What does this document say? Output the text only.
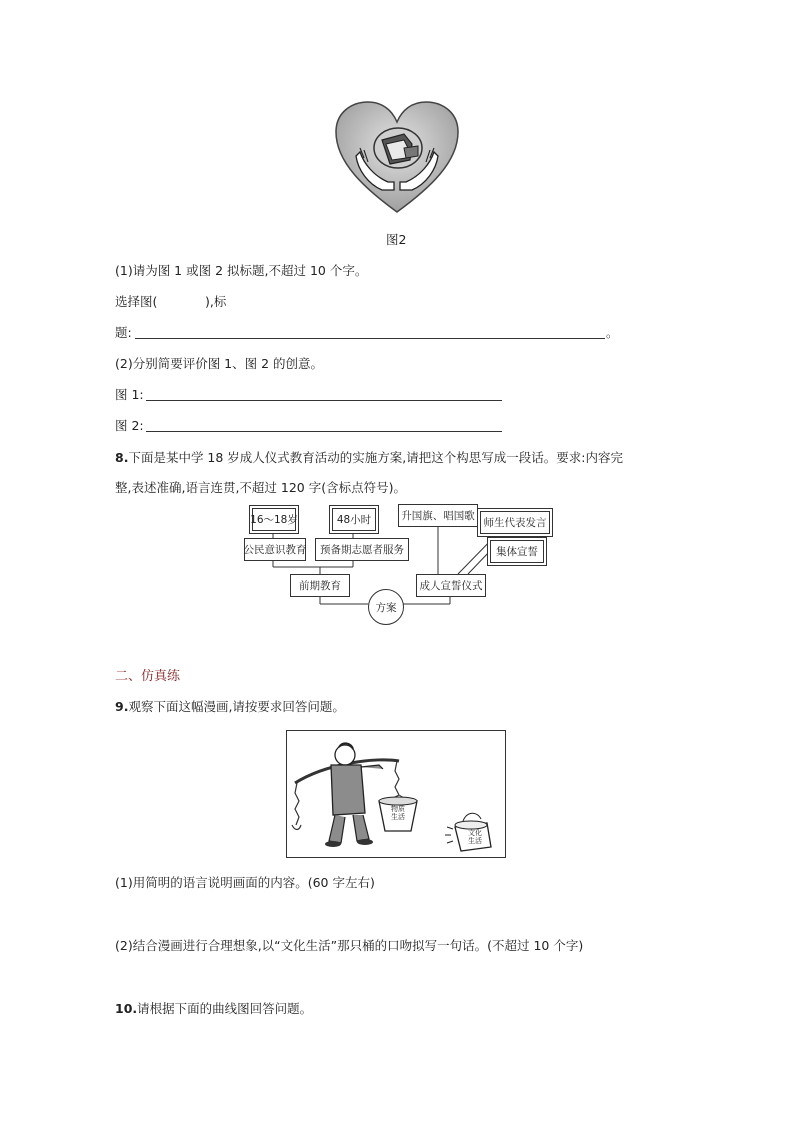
图2
(1)请为图 1 或图 2 拟标题,不超过 10 个字。
选择图(	),标
题:	。
(2)分别简要评价图 1、图 2 的创意。
图 1:
图 2:
8.下面是某中学 18 岁成人仪式教育活动的实施方案,请把这个构思写成一段话。要求:内容完
整,表述准确,语言连贯,不超过 120 字(含标点符号)。
16～18岁	48小时
公民意识教育	预备期志愿者服务
前期教育
升国旗、唱国歌
师生代表发言
集体宣誓
成人宣誓仪式
方案
二、仿真练
9.观察下面这幅漫画,请按要求回答问题。
物质
生活
文化
生活
(1)用简明的语言说明画面的内容。(60 字左右)
(2)结合漫画进行合理想象,以“文化生活”那只桶的口吻拟写一句话。(不超过 10 个字)
10.请根据下面的曲线图回答问题。
